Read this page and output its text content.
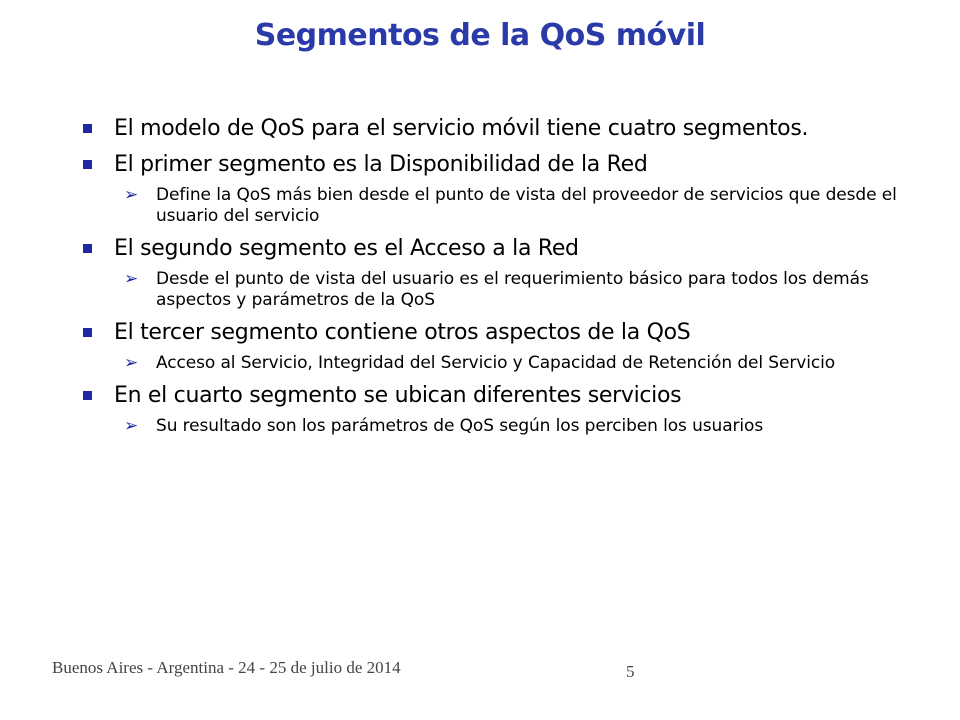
Segmentos de la QoS móvil
El modelo de QoS para el servicio móvil tiene cuatro segmentos.
El primer segmento es la Disponibilidad de la Red
➢ Define la QoS más bien desde el punto de vista del proveedor de servicios que desde el usuario del servicio
El segundo segmento es el Acceso a la Red
➢ Desde el punto de vista del usuario es el requerimiento básico para todos los demás aspectos y parámetros de la QoS
El tercer segmento contiene otros aspectos de la QoS
➢ Acceso al Servicio, Integridad del Servicio y Capacidad de Retención del Servicio
En el cuarto segmento se ubican diferentes servicios
➢ Su resultado son los parámetros de QoS según los perciben los usuarios
Buenos Aires - Argentina - 24 - 25 de julio de 2014	5
